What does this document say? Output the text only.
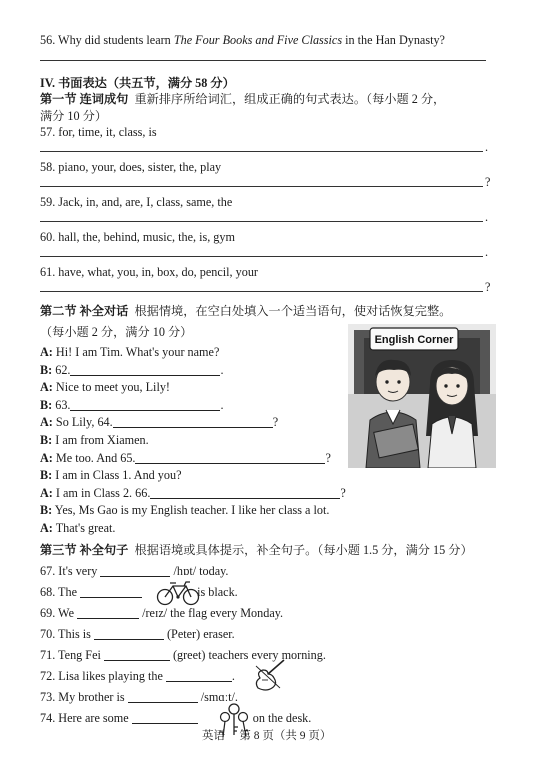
56. Why did students learn The Four Books and Five Classics in the Han Dynasty?
IV. 书面表达（共五节，满分 58 分）
第一节 连词成句 重新排序所给词汇，组成正确的句式表达。（每小题 2 分，
满分 10 分）
57. for, time, it, class, is
.
58. piano, your, does, sister, the, play
?
59. Jack, in, and, are, I, class, same, the
.
60. hall, the, behind, music, the, is, gym
.
61. have, what, you, in, box, do, pencil, your
?
第二节 补全对话 根据情境，在空白处填入一个适当语句，使对话恢复完整。
（每小题 2 分，满分 10 分）
A: Hi! I am Tim. What's your name?
B: 62.	.
A: Nice to meet you, Lily!
B: 63.	.
A: So Lily, 64.	?
B: I am from Xiamen.
A: Me too. And 65.	?
B: I am in Class 1. And you?
A: I am in Class 2. 66.	?
B: Yes, Ms Gao is my English teacher. I like her class a lot.
A: That's great.
English Corner
第三节 补全句子 根据语境或具体提示，补全句子。（每小题 1.5 分，满分 15 分）
67. It's very	/hɒt/ today.
68. The	is black.
69. We	/reɪz/ the flag every Monday.
70. This is	(Peter) eraser.
71. Teng Fei	(greet) teachers every morning.
72. Lisa likes playing the	.
73. My brother is	/smɑːt/.
74. Here are some	on the desk.
英语 第 8 页（共 9 页）
